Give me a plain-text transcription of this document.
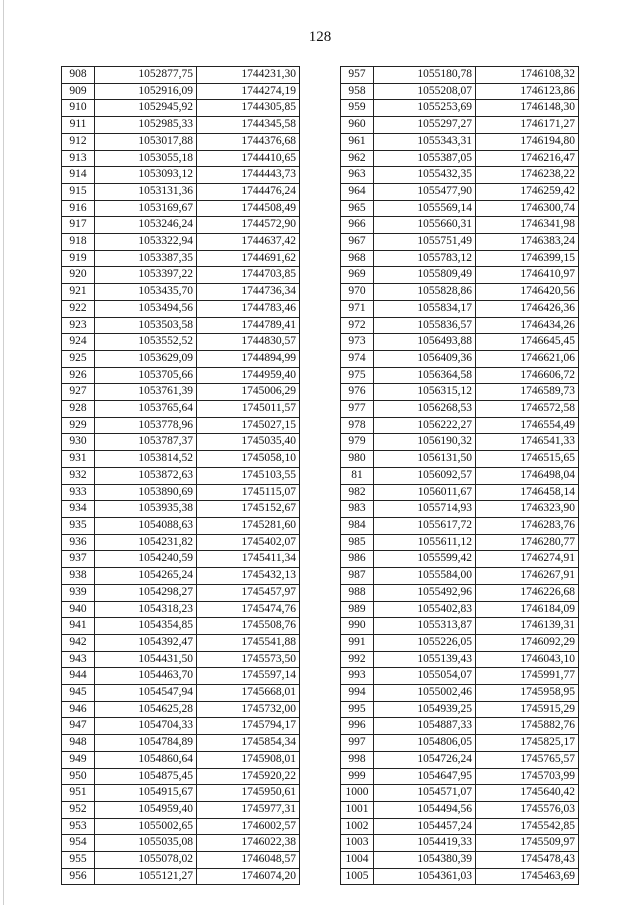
128
908	1052877,75	1744231,30
909	1052916,09	1744274,19
910	1052945,92	1744305,85
911	1052985,33	1744345,58
912	1053017,88	1744376,68
913	1053055,18	1744410,65
914	1053093,12	1744443,73
915	1053131,36	1744476,24
916	1053169,67	1744508,49
917	1053246,24	1744572,90
918	1053322,94	1744637,42
919	1053387,35	1744691,62
920	1053397,22	1744703,85
921	1053435,70	1744736,34
922	1053494,56	1744783,46
923	1053503,58	1744789,41
924	1053552,52	1744830,57
925	1053629,09	1744894,99
926	1053705,66	1744959,40
927	1053761,39	1745006,29
928	1053765,64	1745011,57
929	1053778,96	1745027,15
930	1053787,37	1745035,40
931	1053814,52	1745058,10
932	1053872,63	1745103,55
933	1053890,69	1745115,07
934	1053935,38	1745152,67
935	1054088,63	1745281,60
936	1054231,82	1745402,07
937	1054240,59	1745411,34
938	1054265,24	1745432,13
939	1054298,27	1745457,97
940	1054318,23	1745474,76
941	1054354,85	1745508,76
942	1054392,47	1745541,88
943	1054431,50	1745573,50
944	1054463,70	1745597,14
945	1054547,94	1745668,01
946	1054625,28	1745732,00
947	1054704,33	1745794,17
948	1054784,89	1745854,34
949	1054860,64	1745908,01
950	1054875,45	1745920,22
951	1054915,67	1745950,61
952	1054959,40	1745977,31
953	1055002,65	1746002,57
954	1055035,08	1746022,38
955	1055078,02	1746048,57
956	1055121,27	1746074,20
957	1055180,78	1746108,32
958	1055208,07	1746123,86
959	1055253,69	1746148,30
960	1055297,27	1746171,27
961	1055343,31	1746194,80
962	1055387,05	1746216,47
963	1055432,35	1746238,22
964	1055477,90	1746259,42
965	1055569,14	1746300,74
966	1055660,31	1746341,98
967	1055751,49	1746383,24
968	1055783,12	1746399,15
969	1055809,49	1746410,97
970	1055828,86	1746420,56
971	1055834,17	1746426,36
972	1055836,57	1746434,26
973	1056493,88	1746645,45
974	1056409,36	1746621,06
975	1056364,58	1746606,72
976	1056315,12	1746589,73
977	1056268,53	1746572,58
978	1056222,27	1746554,49
979	1056190,32	1746541,33
980	1056131,50	1746515,65
81	1056092,57	1746498,04
982	1056011,67	1746458,14
983	1055714,93	1746323,90
984	1055617,72	1746283,76
985	1055611,12	1746280,77
986	1055599,42	1746274,91
987	1055584,00	1746267,91
988	1055492,96	1746226,68
989	1055402,83	1746184,09
990	1055313,87	1746139,31
991	1055226,05	1746092,29
992	1055139,43	1746043,10
993	1055054,07	1745991,77
994	1055002,46	1745958,95
995	1054939,25	1745915,29
996	1054887,33	1745882,76
997	1054806,05	1745825,17
998	1054726,24	1745765,57
999	1054647,95	1745703,99
1000	1054571,07	1745640,42
1001	1054494,56	1745576,03
1002	1054457,24	1745542,85
1003	1054419,33	1745509,97
1004	1054380,39	1745478,43
1005	1054361,03	1745463,69
